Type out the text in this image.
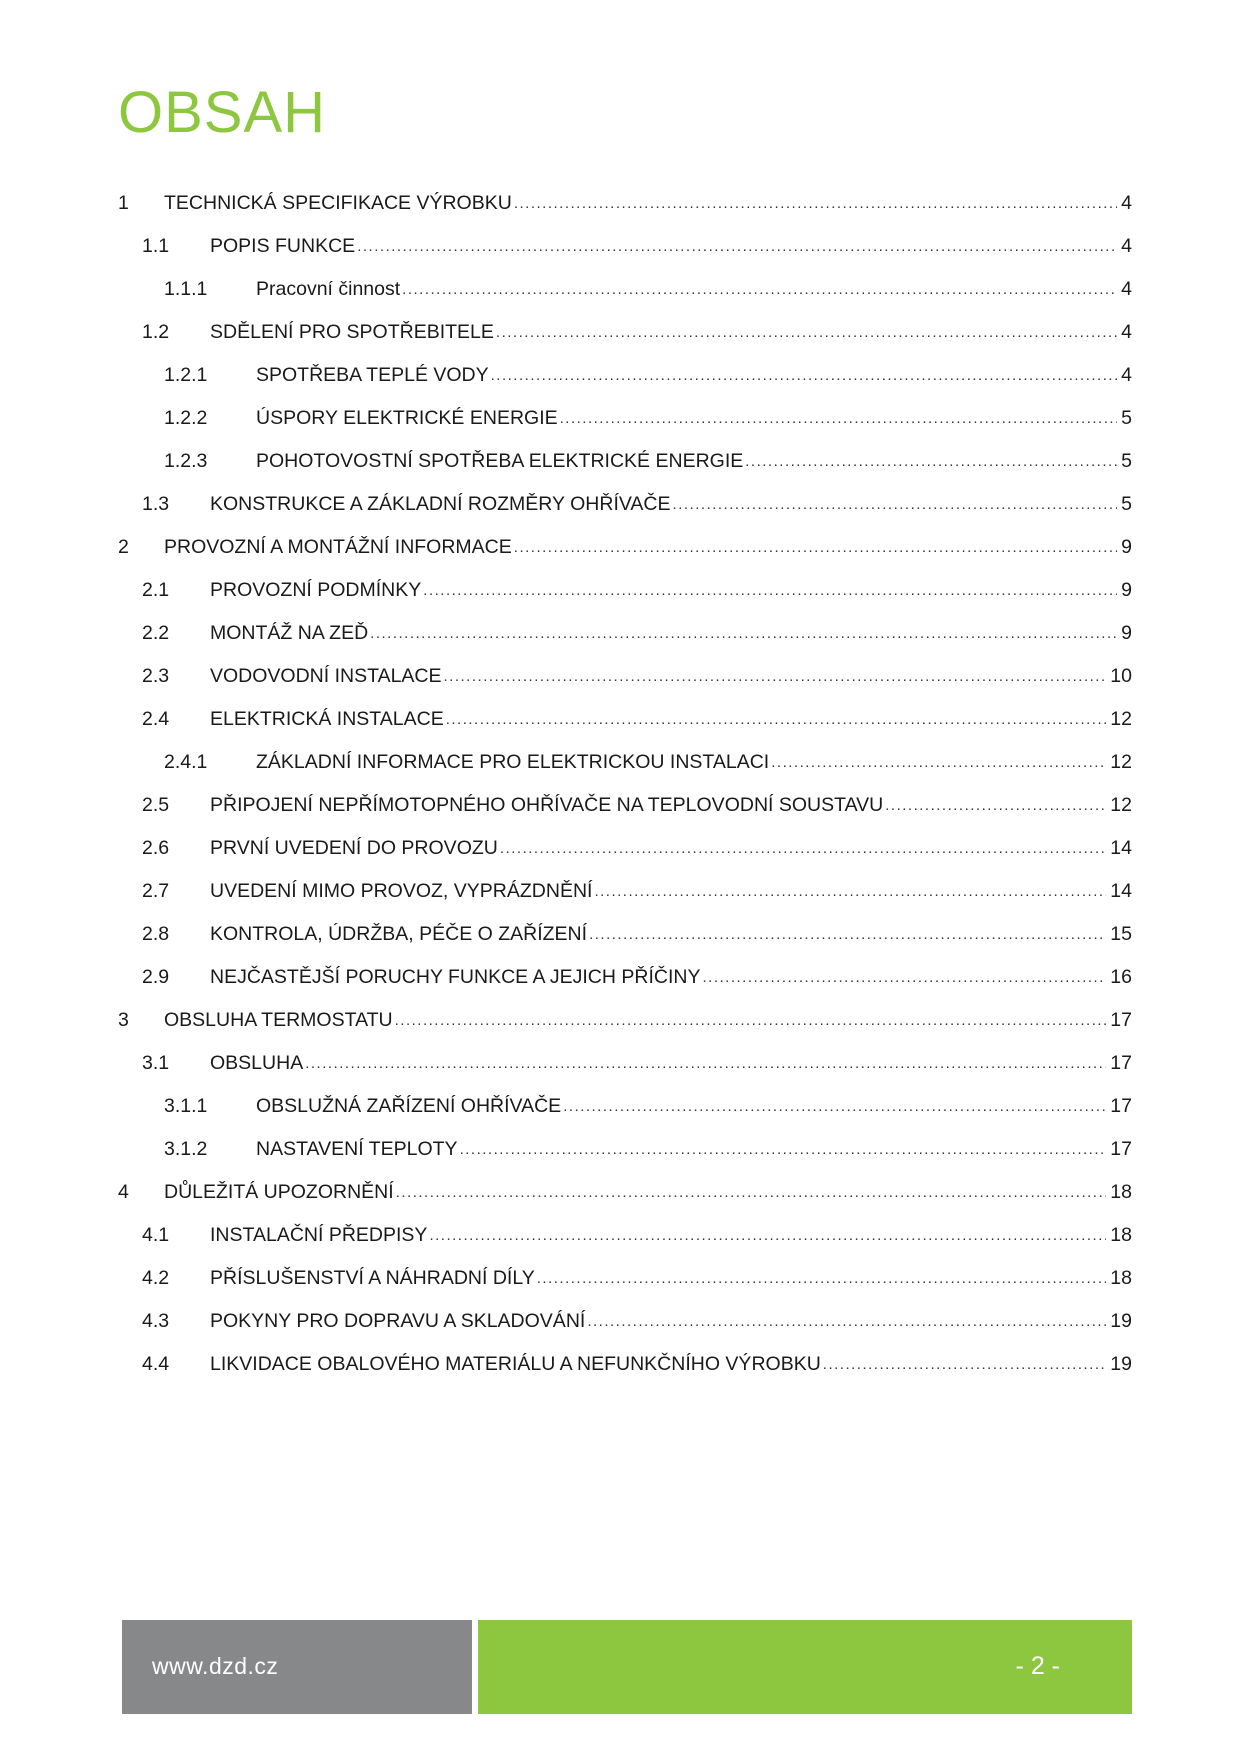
OBSAH
1	TECHNICKÁ SPECIFIKACE VÝROBKU .....	4
1.1	POPIS FUNKCE .....	4
1.1.1	Pracovní činnost .....	4
1.2	SDĚLENÍ PRO SPOTŘEBITELE .....	4
1.2.1	SPOTŘEBA TEPLÉ VODY .....	4
1.2.2	ÚSPORY ELEKTRICKÉ ENERGIE .....	5
1.2.3	POHOTOVOSTNÍ SPOTŘEBA ELEKTRICKÉ ENERGIE .....	5
1.3	KONSTRUKCE A ZÁKLADNÍ ROZMĚRY OHŘÍVAČE .....	5
2	PROVOZNÍ A MONTÁŽNÍ INFORMACE .....	9
2.1	PROVOZNÍ PODMÍNKY .....	9
2.2	MONTÁŽ NA ZEĎ .....	9
2.3	VODOVODNÍ INSTALACE .....	10
2.4	ELEKTRICKÁ INSTALACE .....	12
2.4.1	ZÁKLADNÍ INFORMACE PRO ELEKTRICKOU INSTALACI .....	12
2.5	PŘIPOJENÍ NEPŘÍMOTOPNÉHO OHŘÍVAČE NA TEPLOVODNÍ SOUSTAVU .....	12
2.6	PRVNÍ UVEDENÍ DO PROVOZU .....	14
2.7	UVEDENÍ MIMO PROVOZ, VYPRÁZDNĚNÍ .....	14
2.8	KONTROLA, ÚDRŽBA, PÉČE O ZAŘÍZENÍ .....	15
2.9	NEJČASTĚJŠÍ PORUCHY FUNKCE A JEJICH PŘÍČINY .....	16
3	OBSLUHA TERMOSTATU .....	17
3.1	OBSLUHA .....	17
3.1.1	OBSLUŽNÁ ZAŘÍZENÍ OHŘÍVAČE .....	17
3.1.2	NASTAVENÍ TEPLOTY .....	17
4	DŮLEŽITÁ UPOZORNĚNÍ .....	18
4.1	INSTALAČNÍ PŘEDPISY .....	18
4.2	PŘÍSLUŠENSTVÍ A NÁHRADNÍ DÍLY .....	18
4.3	POKYNY PRO DOPRAVU A SKLADOVÁNÍ .....	19
4.4	LIKVIDACE OBALOVÉHO MATERIÁLU A NEFUNKČNÍHO VÝROBKU .....	19
www.dzd.cz	- 2 -
